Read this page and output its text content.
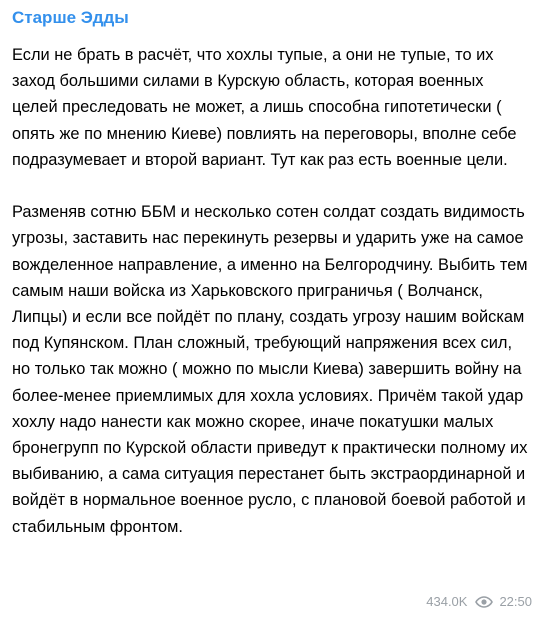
Старше Эдды

Если не брать в расчёт, что хохлы тупые, а они не тупые, то их заход большими силами в Курскую область, которая военных целей преследовать не может, а лишь способна гипотетически ( опять же по мнению Киеве) повлиять на переговоры, вполне себе подразумевает и второй вариант. Тут как раз есть военные цели.

Разменяв сотню ББМ и несколько сотен солдат создать видимость угрозы, заставить нас перекинуть резервы и ударить уже на самое вожделенное направление, а именно на Белгородчину. Выбить тем самым наши войска из Харьковского приграничья ( Волчанск, Липцы) и если все пойдёт по плану, создать угрозу нашим войскам под Купянском. План сложный, требующий напряжения всех сил, но только так можно ( можно по мысли Киева) завершить войну на более-менее приемлимых для хохла условиях. Причём такой удар хохлу надо нанести как можно скорее, иначе покатушки малых бронегрупп по Курской области приведут к практически полному их выбиванию, а сама ситуация перестанет быть экстраординарной и войдёт в нормальное военное русло, с плановой боевой работой и стабильным фронтом.

434.0K 22:50
